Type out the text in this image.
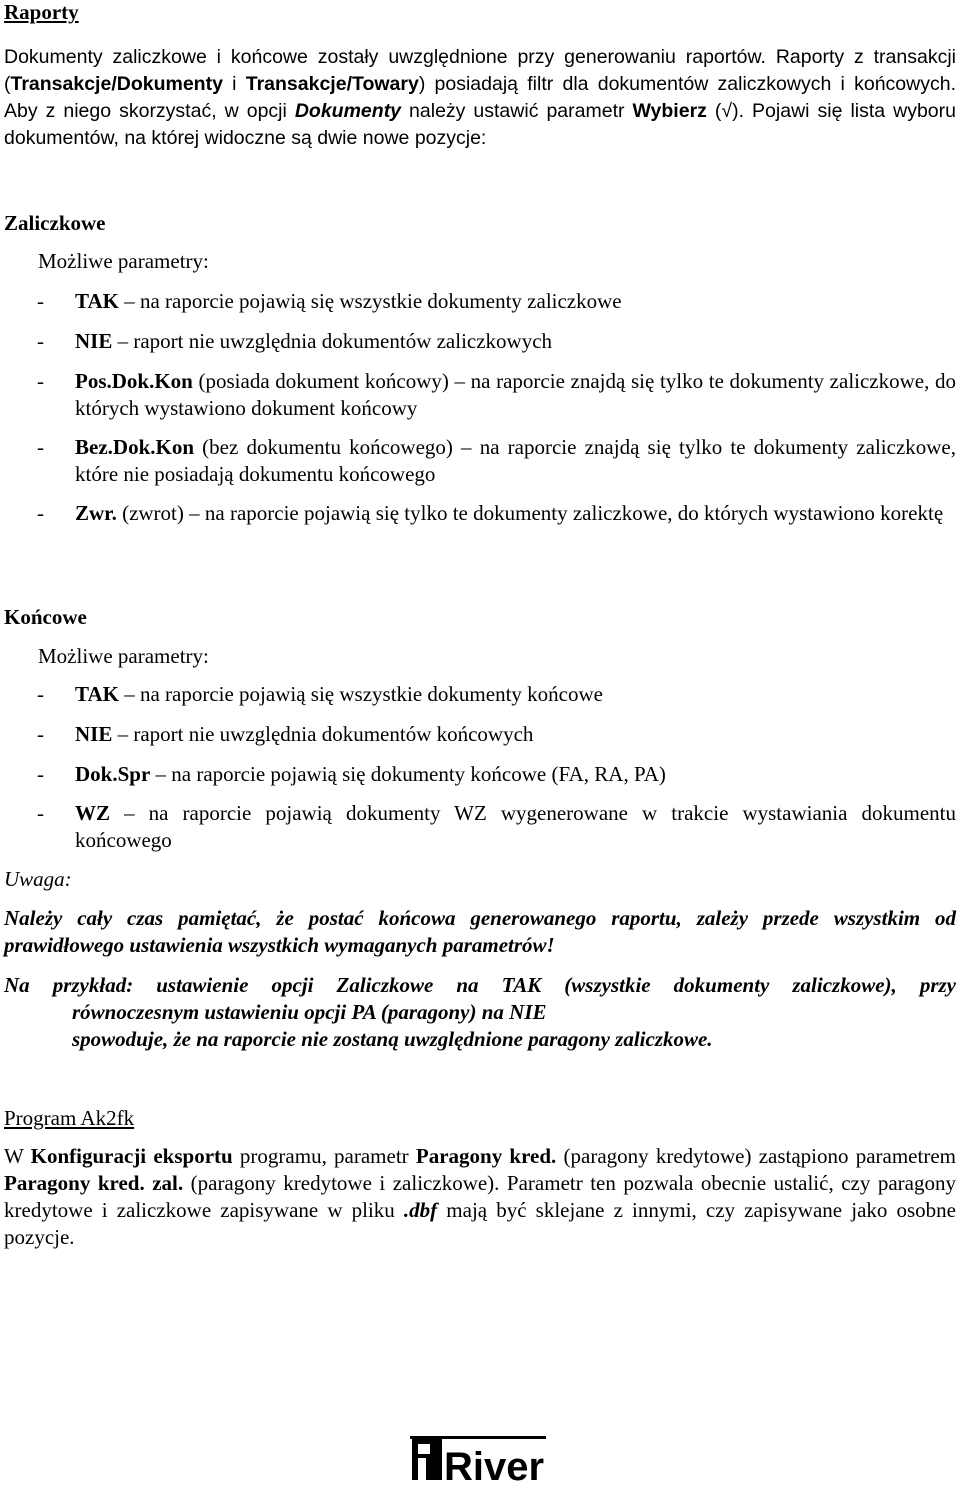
Raporty

Dokumenty zaliczkowe i końcowe zostały uwzględnione przy generowaniu raportów. Raporty z transakcji (Transakcje/Dokumenty i Transakcje/Towary) posiadają filtr dla dokumentów zaliczkowych i końcowych. Aby z niego skorzystać, w opcji Dokumenty należy ustawić parametr Wybierz (√). Pojawi się lista wyboru dokumentów, na której widoczne są dwie nowe pozycje:

Zaliczkowe
Możliwe parametry:
- TAK – na raporcie pojawią się wszystkie dokumenty zaliczkowe
- NIE – raport nie uwzględnia dokumentów zaliczkowych
- Pos.Dok.Kon (posiada dokument końcowy) – na raporcie znajdą się tylko te dokumenty zaliczkowe, do których wystawiono dokument końcowy
- Bez.Dok.Kon (bez dokumentu końcowego) – na raporcie znajdą się tylko te dokumenty zaliczkowe, które nie posiadają dokumentu końcowego
- Zwr. (zwrot) – na raporcie pojawią się tylko te dokumenty zaliczkowe, do których wystawiono korektę
Końcowe
Możliwe parametry:
- TAK – na raporcie pojawią się wszystkie dokumenty końcowe
- NIE – raport nie uwzględnia dokumentów końcowych
- Dok.Spr – na raporcie pojawią się dokumenty końcowe (FA, RA, PA)
- WZ – na raporcie pojawią dokumenty WZ wygenerowane w trakcie wystawiania dokumentu końcowego
Uwaga:

Należy cały czas pamiętać, że postać końcowa generowanego raportu, zależy przede wszystkim od prawidłowego ustawienia wszystkich wymaganych parametrów!

Na przykład: ustawienie opcji Zaliczkowe na TAK (wszystkie dokumenty zaliczkowe), przy
równoczesnym ustawieniu opcji PA (paragony) na NIE
spowoduje, że na raporcie nie zostaną uwzględnione paragony zaliczkowe.
Program Ak2fk

W Konfiguracji eksportu programu, parametr Paragony kred. (paragony kredytowe) zastąpiono parametrem Paragony kred. zal. (paragony kredytowe i zaliczkowe). Parametr ten pozwala obecnie ustalić, czy paragony kredytowe i zaliczkowe zapisywane w pliku .dbf mają być sklejane z innymi, czy zapisywane jako osobne pozycje.

River
